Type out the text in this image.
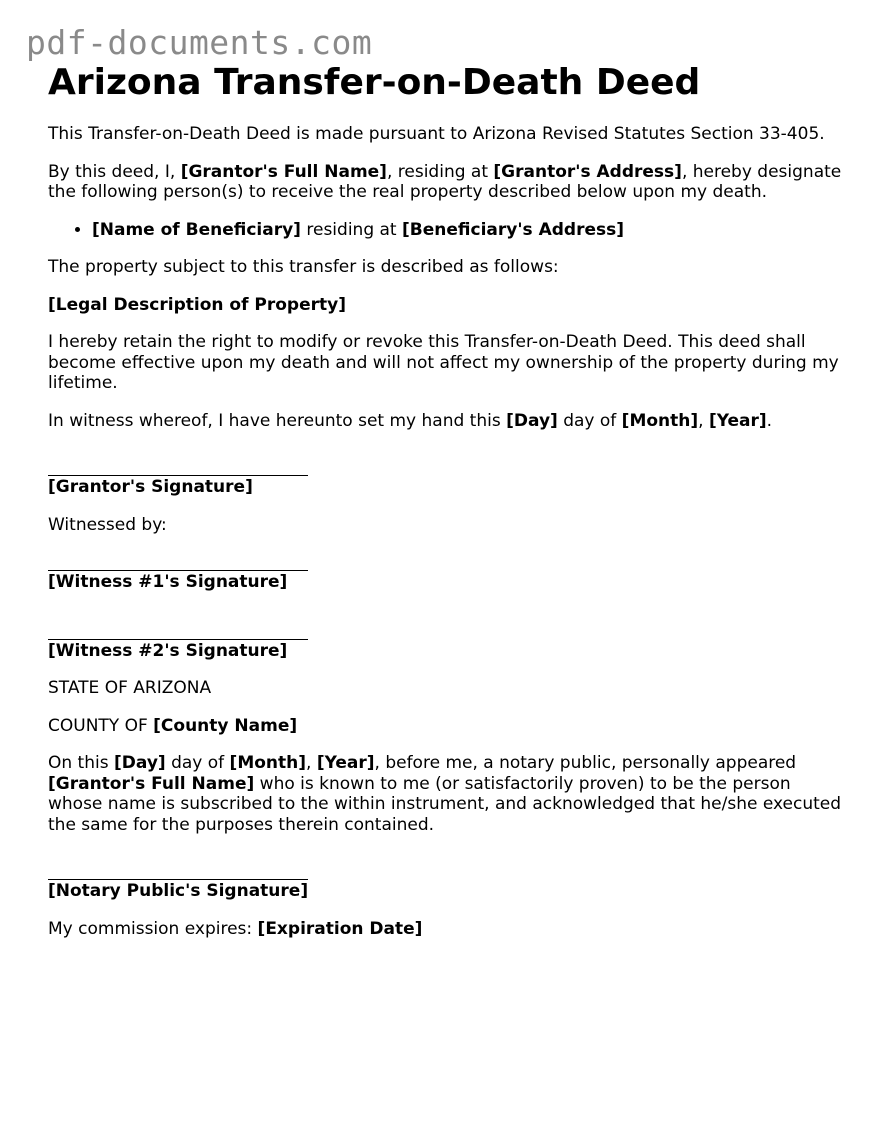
pdf-documents.com
Arizona Transfer-on-Death Deed

This Transfer-on-Death Deed is made pursuant to Arizona Revised Statutes Section 33-405.

By this deed, I, [Grantor's Full Name], residing at [Grantor's Address], hereby designate the following person(s) to receive the real property described below upon my death.

• [Name of Beneficiary] residing at [Beneficiary's Address]

The property subject to this transfer is described as follows:

[Legal Description of Property]

I hereby retain the right to modify or revoke this Transfer-on-Death Deed. This deed shall become effective upon my death and will not affect my ownership of the property during my lifetime.

In witness whereof, I have hereunto set my hand this [Day] day of [Month], [Year].

[Grantor's Signature]

Witnessed by:

[Witness #1's Signature]
[Witness #2's Signature]

STATE OF ARIZONA

COUNTY OF [County Name]

On this [Day] day of [Month], [Year], before me, a notary public, personally appeared [Grantor's Full Name] who is known to me (or satisfactorily proven) to be the person whose name is subscribed to the within instrument, and acknowledged that he/she executed the same for the purposes therein contained.

[Notary Public's Signature]

My commission expires: [Expiration Date]
